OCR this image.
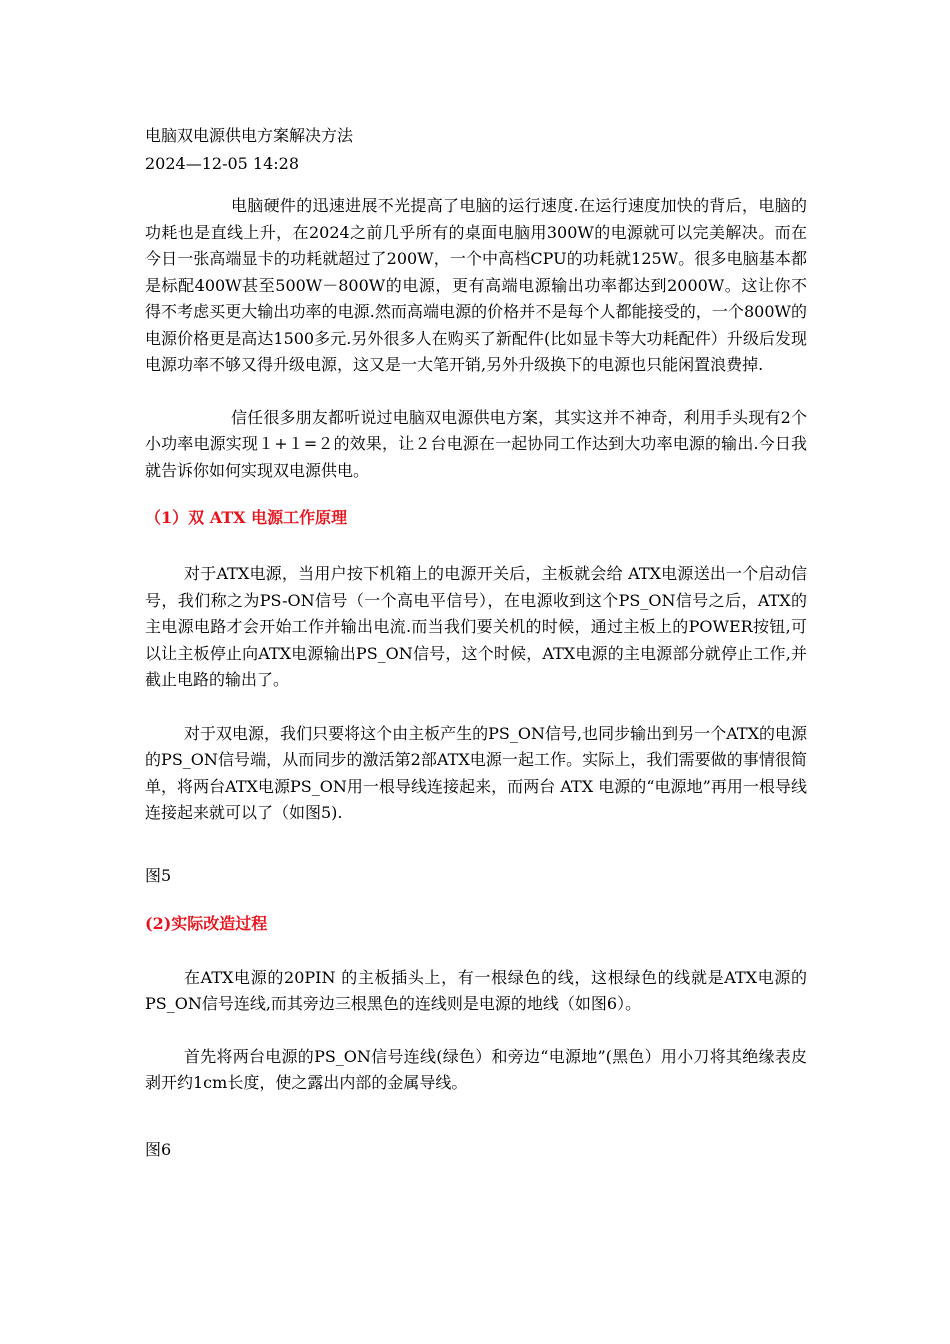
电脑双电源供电方案解决方法

2024—12-05 14:28

电脑硬件的迅速进展不光提高了电脑的运行速度.在运行速度加快的背后，电脑的功耗也是直线上升，在2024之前几乎所有的桌面电脑用300W的电源就可以完美解决。而在今日一张高端显卡的功耗就超过了200W，一个中高档CPU的功耗就125W。很多电脑基本都是标配400W甚至500W－800W的电源，更有高端电源输出功率都达到2000W。这让你不得不考虑买更大输出功率的电源.然而高端电源的价格并不是每个人都能接受的，一个800W的电源价格更是高达1500多元.另外很多人在购买了新配件(比如显卡等大功耗配件）升级后发现电源功率不够又得升级电源，这又是一大笔开销,另外升级换下的电源也只能闲置浪费掉.

信任很多朋友都听说过电脑双电源供电方案，其实这并不神奇，利用手头现有2个小功率电源实现１+１=２的效果，让２台电源在一起协同工作达到大功率电源的输出.今日我就告诉你如何实现双电源供电。

（1）双 ATX 电源工作原理

对于ATX电源，当用户按下机箱上的电源开关后，主板就会给 ATX电源送出一个启动信号，我们称之为PS-ON信号（一个高电平信号），在电源收到这个PS_ON信号之后，ATX的主电源电路才会开始工作并输出电流.而当我们要关机的时候，通过主板上的POWER按钮,可以让主板停止向ATX电源输出PS_ON信号，这个时候，ATX电源的主电源部分就停止工作,并截止电路的输出了。

对于双电源，我们只要将这个由主板产生的PS_ON信号,也同步输出到另一个ATX的电源的PS_ON信号端，从而同步的激活第2部ATX电源一起工作。实际上，我们需要做的事情很简单，将两台ATX电源PS_ON用一根导线连接起来，而两台 ATX 电源的“电源地”再用一根导线连接起来就可以了（如图5).

图5

(2)实际改造过程

在ATX电源的20PIN 的主板插头上，有一根绿色的线，这根绿色的线就是ATX电源的PS_ON信号连线,而其旁边三根黑色的连线则是电源的地线（如图6）。

首先将两台电源的PS_ON信号连线(绿色）和旁边“电源地”(黑色）用小刀将其绝缘表皮剥开约1cm长度，使之露出内部的金属导线。

图6
